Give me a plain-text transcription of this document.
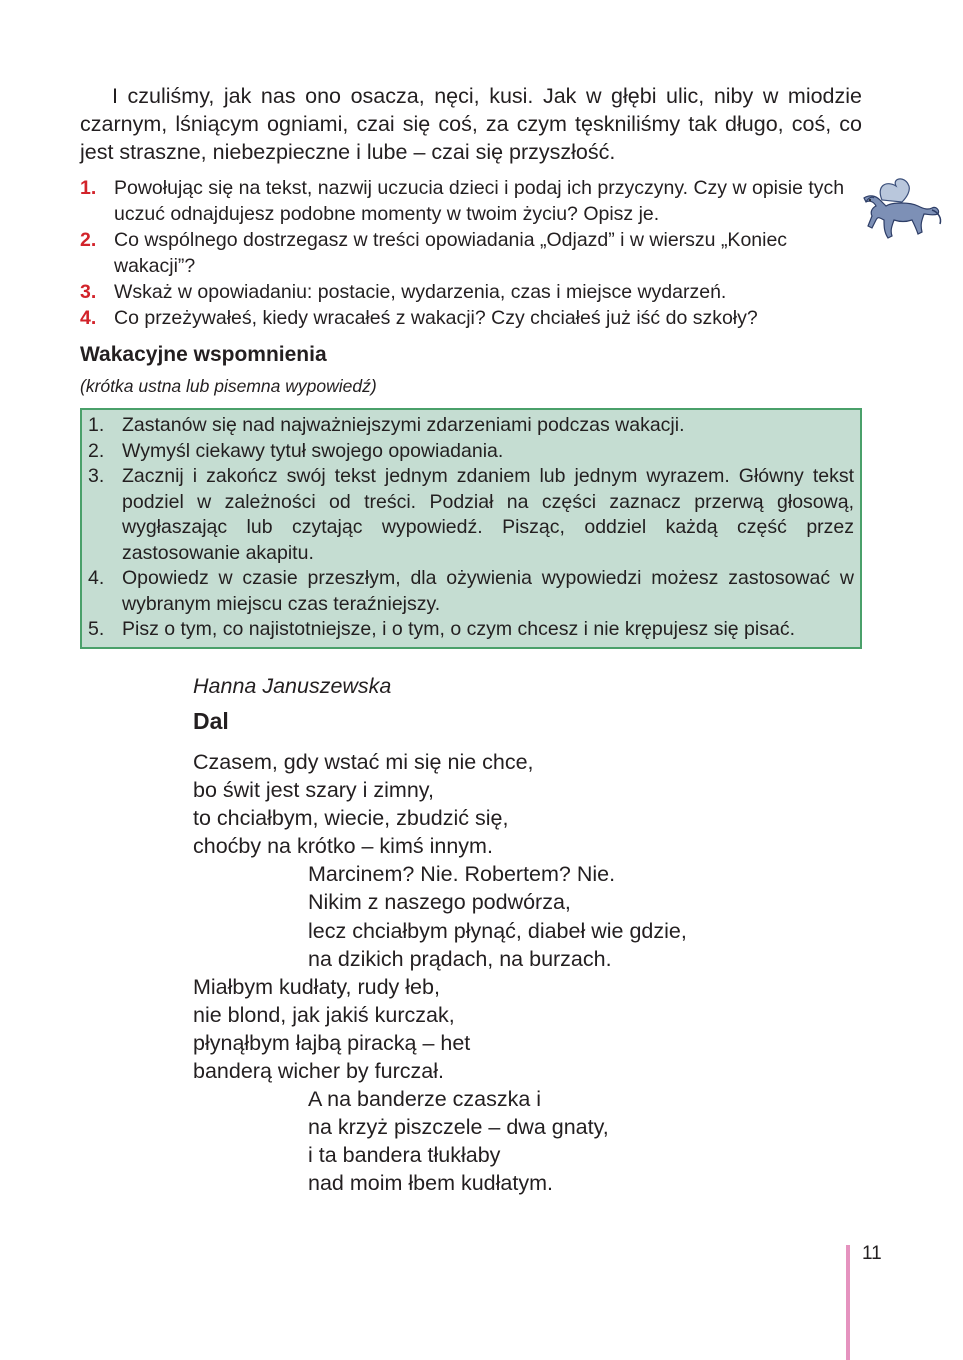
I czuliśmy, jak nas ono osacza, nęci, kusi. Jak w głębi ulic, niby w miodzie czarnym, lśniącym ogniami, czai się coś, za czym tęskniliśmy tak długo, coś, co jest straszne, niebezpieczne i lube – czai się przyszłość.

1. Powołując się na tekst, nazwij uczucia dzieci i podaj ich przyczyny. Czy w opisie tych uczuć odnajdujesz podobne momenty w twoim życiu? Opisz je.
2. Co wspólnego dostrzegasz w treści opowiadania „Odjazd” i w wierszu „Koniec wakacji”?
3. Wskaż w opowiadaniu: postacie, wydarzenia, czas i miejsce wydarzeń.
4. Co przeżywałeś, kiedy wracałeś z wakacji? Czy chciałeś już iść do szkoły?
Wakacyjne wspomnienia

(krótka ustna lub pisemna wypowiedź)

1. Zastanów się nad najważniejszymi zdarzeniami podczas wakacji.
2. Wymyśl ciekawy tytuł swojego opowiadania.
3. Zacznij i zakończ swój tekst jednym zdaniem lub jednym wyrazem. Główny tekst podziel w zależności od treści. Podział na części zaznacz przerwą głosową, wygłaszając lub czytając wypowiedź. Pisząc, oddziel każdą część przez zastosowanie akapitu.
4. Opowiedz w czasie przeszłym, dla ożywienia wypowiedzi możesz zastosować w wybranym miejscu czas teraźniejszy.
5. Pisz o tym, co najistotniejsze, i o tym, o czym chcesz i nie krępujesz się pisać.

Hanna Januszewska

Dal
Czasem, gdy wstać mi się nie chce,
bo świt jest szary i zimny,
to chciałbym, wiecie, zbudzić się,
choćby na krótko – kimś innym.
Marcinem? Nie. Robertem? Nie.
Nikim z naszego podwórza,
lecz chciałbym płynąć, diabeł wie gdzie,
na dzikich prądach, na burzach.
Miałbym kudłaty, rudy łeb,
nie blond, jak jakiś kurczak,
płynąłbym łajbą piracką – het
banderą wicher by furczał.
A na banderze czaszka i
na krzyż piszczele – dwa gnaty,
i ta bandera tłukłaby
nad moim łbem kudłatym.
11
